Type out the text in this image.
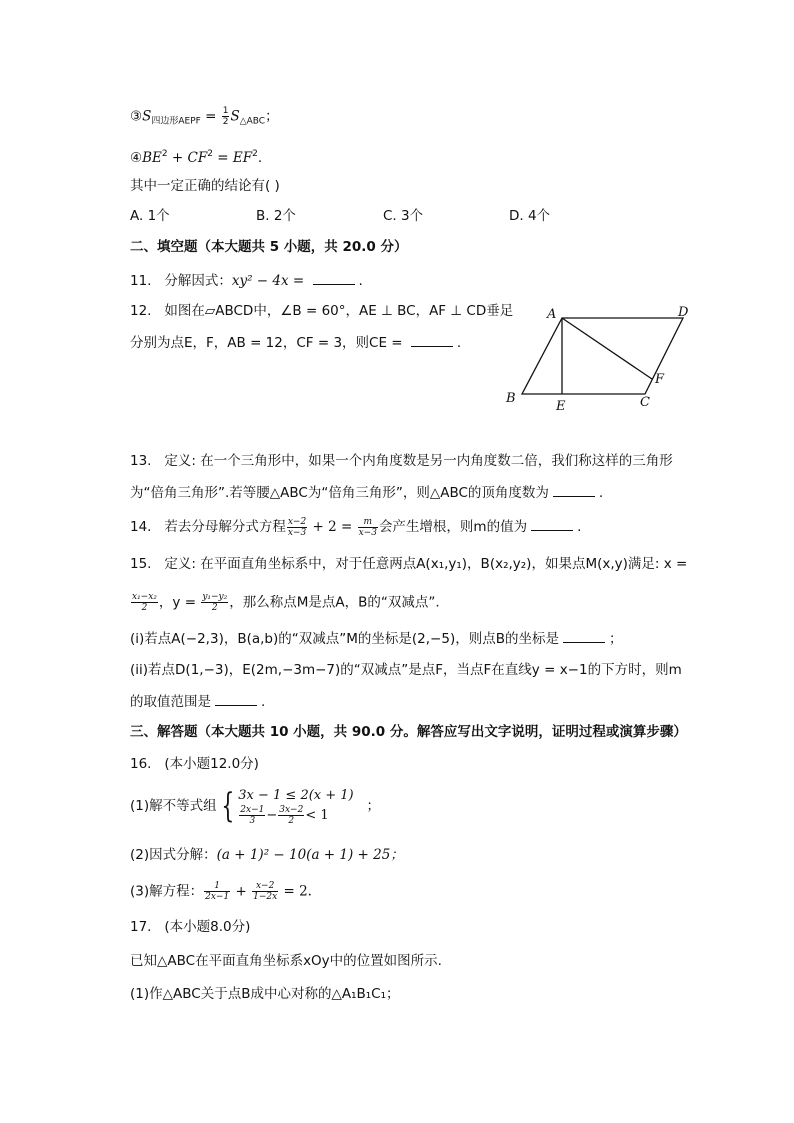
$③S_{四边形AEPF} = \frac{1}{2} S_{\triangle ABC}$；
$④BE^2 + CF^2 = EF^2$.
其中一定正确的结论有( )
A. 1个	B. 2个	C. 3个	D. 4个
二、填空题（本大题共 5 小题，共 20.0 分）
11. 分解因式：xy² − 4x =	.
12. 如图在▱ABCD中，∠B = 60°，AE ⊥ BC，AF ⊥ CD垂足
分别为点E，F，AB = 12，CF = 3，则CE =	.
A	D
B
E	C
F
13. 定义: 在一个三角形中，如果一个内角度数是另一内角度数二倍，我们称这样的三角形
为“倍角三角形”.若等腰△ABC为“倍角三角形”，则△ABC的顶角度数为	.
14. 若去分母解分式方程 $\frac{x-2}{x-3} + 2 = \frac{m}{x-3}$ 会产生增根，则m的值为	.
15. 定义: 在平面直角坐标系中，对于任意两点A(x₁,y₁)，B(x₂,y₂)，如果点M(x,y)满足: x =
$\frac{\text{x₁−x₂}}{2}$ ，$y = \frac{\text{y₁−y₂}}{2}$ ，那么称点M是点A，B的“双减点”.
(i)若点A(−2,3)，B(a,b)的“双减点”M的坐标是(2,−5)，则点B的坐标是	；
(ii)若点D(1,−3)，E(2m,−3m−7)的“双减点”是点F，当点F在直线y = x−1的下方时，则m
的取值范围是	.
三、解答题（本大题共 10 小题，共 90.0 分。解答应写出文字说明，证明过程或演算步骤）
16. (本小题12.0分)
(1)解不等式组 { 3x − 1 ≤ 2(x + 1)
$\frac{2x-1}{3} - \frac{3x-2}{2} < 1$
；
(2)因式分解：(a + 1)² − 10(a + 1) + 25；
(3)解方程： $\frac{1}{2x-1} + \frac{x-2}{1-2x} = 2$.
17. (本小题8.0分)
已知△ABC在平面直角坐标系xOy中的位置如图所示.
(1)作△ABC关于点B成中心对称的△A₁B₁C₁；
